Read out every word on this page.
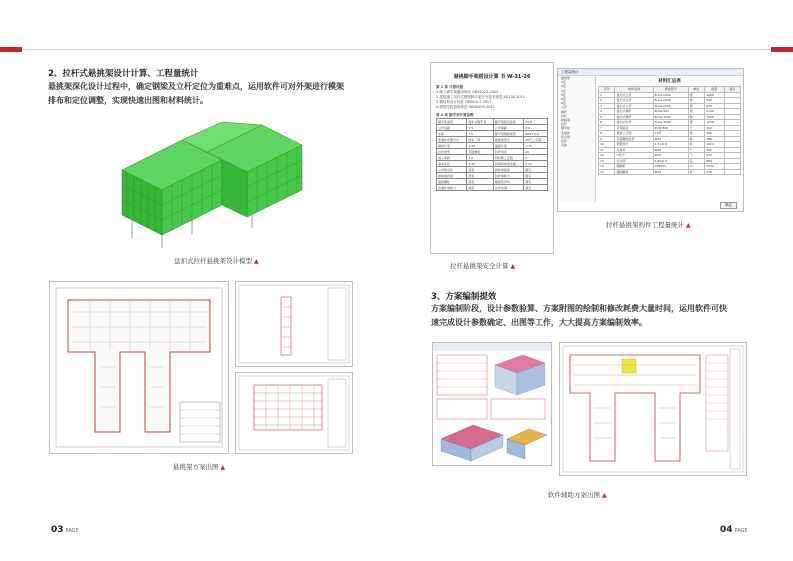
2、拉杆式悬挑架设计计算、工程量统计
悬挑架深化设计过程中，确定钢梁及立杆定位为重难点，运用软件可对外架进行模架
排布和定位调整，实现快速出图和材料统计。
盘扣式拉杆悬挑架设计模型 ▲
悬挑架方案出图 ▲
03 PAGE
悬挑脚手架搭设计算 书 W-31-26
第 1 章 计算依据
1.施工脚手架通用规范 GB55023-2022
2.建筑施工扣件式钢管脚手架安全技术规范 JGJ130-2011
3.钢结构设计标准 GB50017-2017
4.建筑结构荷载规范 GB50009-2012
第 2 章 脚手架计算参数
脚手架类型	盘扣式脚手架	脚手架搭设高度	21.6
立杆纵距	1.5	立杆横距	0.9
步距	1.5	脚手架钢管类型	Φ48×3.2
连墙件布置方式	两步三跨	悬挑梁型号	16号工字钢
悬挑长度	1.25	锚固长度	1.75
拉杆类型	花篮螺栓	拉杆直径	20
施工荷载	3.0	同时施工层数	2
基本风压	0.35	风荷载体型系数	1.15
立杆稳定性	满足	悬挑梁强度	满足
悬挑梁挠度	满足	拉杆承载力	满足
锚固螺栓	满足	楼板抗冲切	满足
连墙件承载力	满足	扣件抗滑	满足
拉杆悬挑架安全计算 ▲
工程量统计
悬挑架
1层
2层
3层
4层
5层
6层
立杆
横杆
斜杆
悬挑梁
拉杆
脚手板
连墙件
安全网
扣件
其他
材料汇总表
序号	构件名称	规格型号	单位	数量	备注
1	盘扣式立杆	B-LG-1000	根	1286	
2	盘扣式立杆	B-LG-1500	根	942	
3	盘扣式立杆	B-LG-2000	根	658	
4	盘扣式横杆	B-SG-900	根	2140	
5	盘扣式横杆	B-SG-1500	根	3326	
6	盘扣式斜杆	B-XG-1500	根	1108	
7	可调底座	B-ST-500	个	412	
8	悬挑工字钢	16号	根	286	
9	花篮螺栓拉杆	Φ20	根	286	
10	钢笆网片	1.5×0.6	块	1924	
11	连墙件	Φ48	个	356	
12	U型卡	Φ20	个	572	
13	安全网	1.8×6.0	张	864	
14	踢脚板	200mm	m	1532	
15	锚固螺栓	M20	套	572	
确定
拉杆悬挑架构件工程量统计 ▲
3、方案编制提效
方案编制阶段，设计参数验算、方案附图的绘制和修改耗费大量时间，运用软件可快
速完成设计参数确定、出图等工作，大大提高方案编制效率。
软件辅助方案出图 ▲
04 PAGE
